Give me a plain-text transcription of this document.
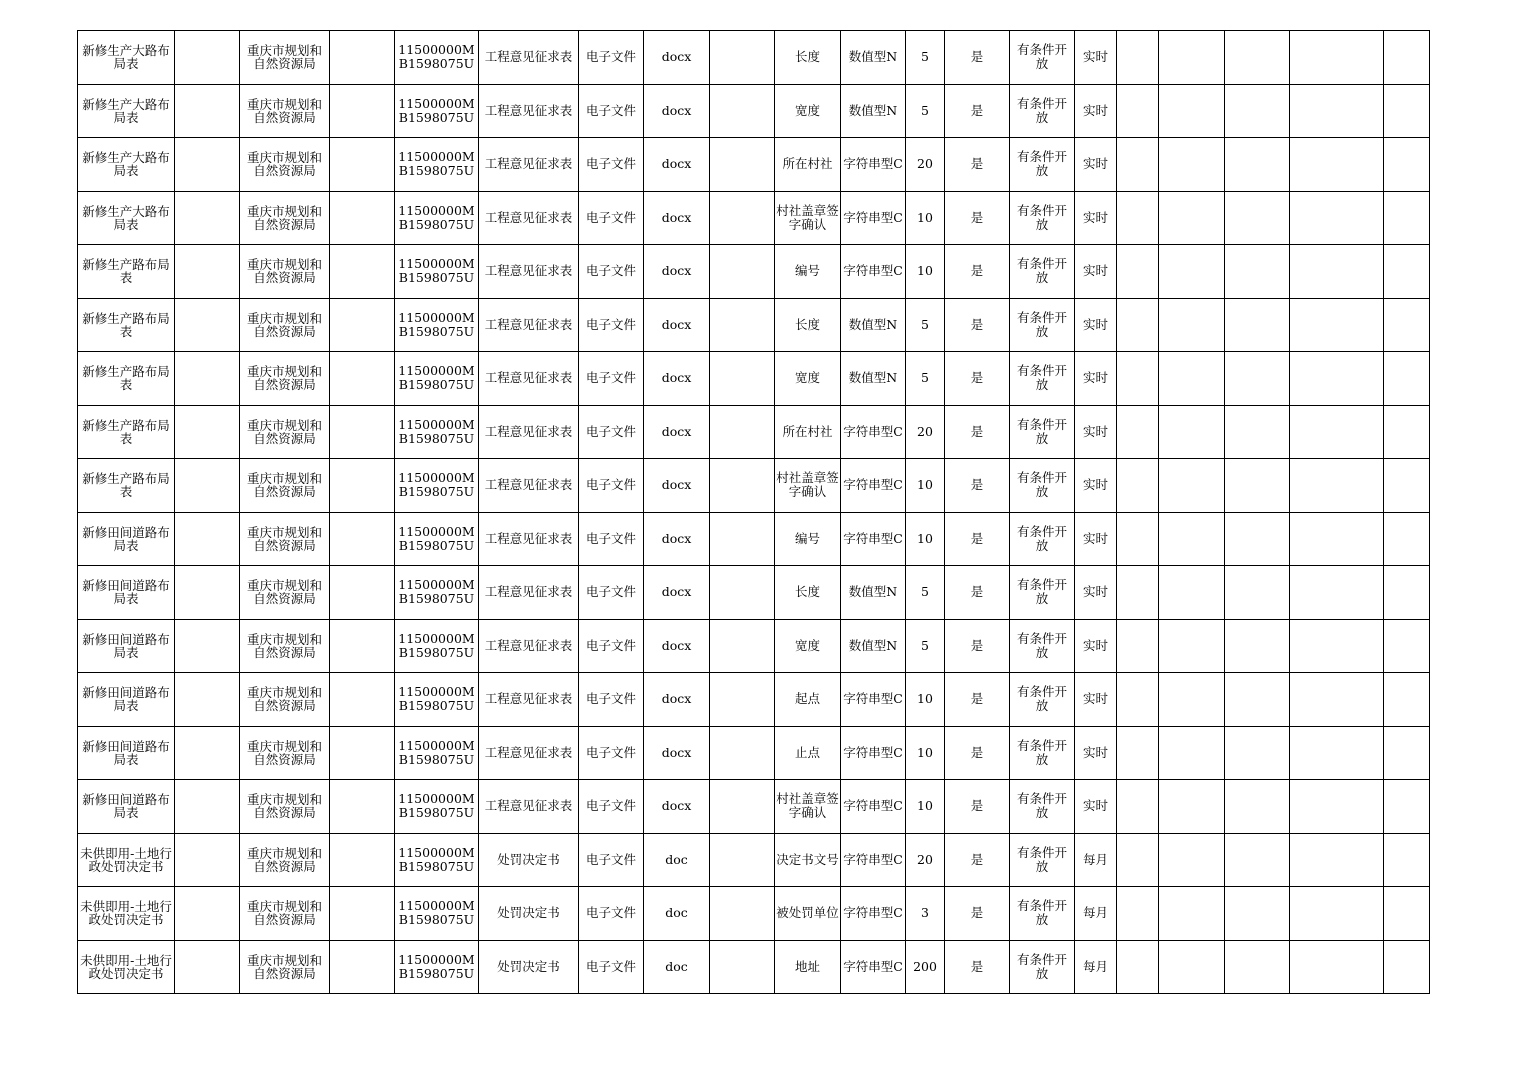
新修生产大路布局表		重庆市规划和自然资源局		11500000MB1598075U	工程意见征求表	电子文件	docx		长度	数值型N	5	是	有条件开放	实时					
新修生产大路布局表		重庆市规划和自然资源局		11500000MB1598075U	工程意见征求表	电子文件	docx		宽度	数值型N	5	是	有条件开放	实时					
新修生产大路布局表		重庆市规划和自然资源局		11500000MB1598075U	工程意见征求表	电子文件	docx		所在村社	字符串型C	20	是	有条件开放	实时					
新修生产大路布局表		重庆市规划和自然资源局		11500000MB1598075U	工程意见征求表	电子文件	docx		村社盖章签字确认	字符串型C	10	是	有条件开放	实时					
新修生产路布局表		重庆市规划和自然资源局		11500000MB1598075U	工程意见征求表	电子文件	docx		编号	字符串型C	10	是	有条件开放	实时					
新修生产路布局表		重庆市规划和自然资源局		11500000MB1598075U	工程意见征求表	电子文件	docx		长度	数值型N	5	是	有条件开放	实时					
新修生产路布局表		重庆市规划和自然资源局		11500000MB1598075U	工程意见征求表	电子文件	docx		宽度	数值型N	5	是	有条件开放	实时					
新修生产路布局表		重庆市规划和自然资源局		11500000MB1598075U	工程意见征求表	电子文件	docx		所在村社	字符串型C	20	是	有条件开放	实时					
新修生产路布局表		重庆市规划和自然资源局		11500000MB1598075U	工程意见征求表	电子文件	docx		村社盖章签字确认	字符串型C	10	是	有条件开放	实时					
新修田间道路布局表		重庆市规划和自然资源局		11500000MB1598075U	工程意见征求表	电子文件	docx		编号	字符串型C	10	是	有条件开放	实时					
新修田间道路布局表		重庆市规划和自然资源局		11500000MB1598075U	工程意见征求表	电子文件	docx		长度	数值型N	5	是	有条件开放	实时					
新修田间道路布局表		重庆市规划和自然资源局		11500000MB1598075U	工程意见征求表	电子文件	docx		宽度	数值型N	5	是	有条件开放	实时					
新修田间道路布局表		重庆市规划和自然资源局		11500000MB1598075U	工程意见征求表	电子文件	docx		起点	字符串型C	10	是	有条件开放	实时					
新修田间道路布局表		重庆市规划和自然资源局		11500000MB1598075U	工程意见征求表	电子文件	docx		止点	字符串型C	10	是	有条件开放	实时					
新修田间道路布局表		重庆市规划和自然资源局		11500000MB1598075U	工程意见征求表	电子文件	docx		村社盖章签字确认	字符串型C	10	是	有条件开放	实时					
未供即用-土地行政处罚决定书		重庆市规划和自然资源局		11500000MB1598075U	处罚决定书	电子文件	doc		决定书文号	字符串型C	20	是	有条件开放	每月					
未供即用-土地行政处罚决定书		重庆市规划和自然资源局		11500000MB1598075U	处罚决定书	电子文件	doc		被处罚单位	字符串型C	3	是	有条件开放	每月					
未供即用-土地行政处罚决定书		重庆市规划和自然资源局		11500000MB1598075U	处罚决定书	电子文件	doc		地址	字符串型C	200	是	有条件开放	每月					
